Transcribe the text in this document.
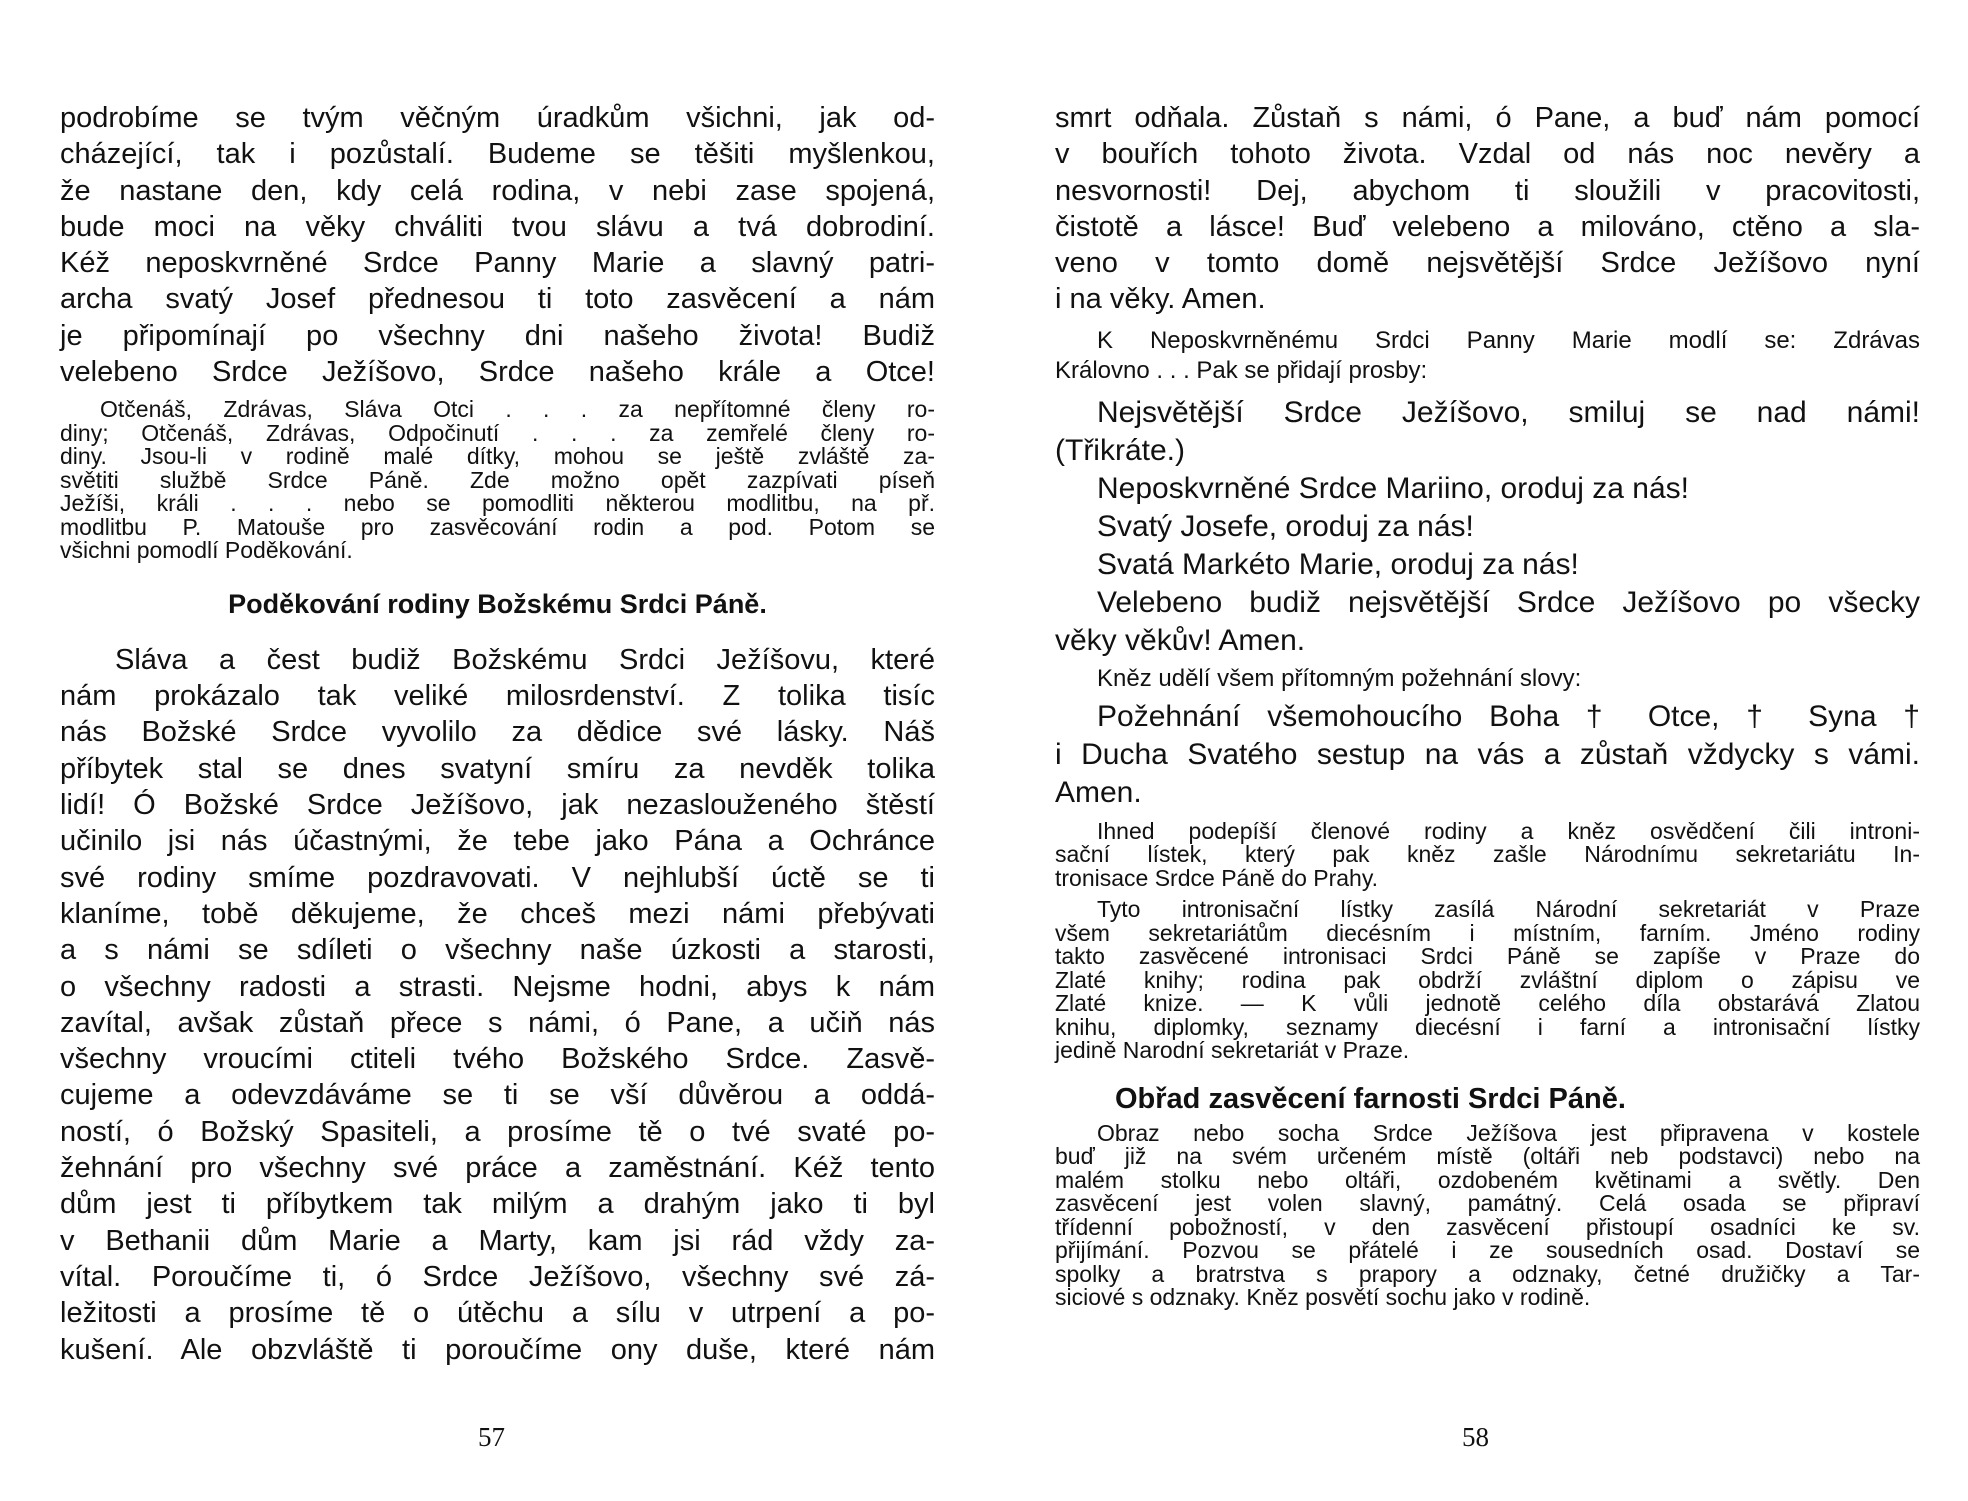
podrobíme se tvým věčným úradkům všichni, jak od-
cházející, tak i pozůstalí. Budeme se těšiti myšlenkou,
že nastane den, kdy celá rodina, v nebi zase spojená,
bude moci na věky chváliti tvou slávu a tvá dobrodiní.
Kéž neposkvrněné Srdce Panny Marie a slavný patri-
archa svatý Josef přednesou ti toto zasvěcení a nám
je připomínají po všechny dni našeho života! Budiž
velebeno Srdce Ježíšovo, Srdce našeho krále a Otce!
Otčenáš, Zdrávas, Sláva Otci . . . za nepřítomné členy ro-
diny; Otčenáš, Zdrávas, Odpočinutí . . . za zemřelé členy ro-
diny. Jsou-li v rodině malé dítky, mohou se ještě zvláště za-
světiti službě Srdce Páně. Zde možno opět zazpívati píseň
Ježíši, králi . . . nebo se pomodliti některou modlitbu, na př.
modlitbu P. Matouše pro zasvěcování rodin a pod. Potom se
všichni pomodlí Poděkování.
Poděkování rodiny Božskému Srdci Páně.
Sláva a čest budiž Božskému Srdci Ježíšovu, které
nám prokázalo tak veliké milosrdenství. Z tolika tisíc
nás Božské Srdce vyvolilo za dědice své lásky. Náš
příbytek stal se dnes svatyní smíru za nevděk tolika
lidí! Ó Božské Srdce Ježíšovo, jak nezaslouženého štěstí
učinilo jsi nás účastnými, že tebe jako Pána a Ochránce
své rodiny smíme pozdravovati. V nejhlubší úctě se ti
klaníme, tobě děkujeme, že chceš mezi námi přebývati
a s námi se sdíleti o všechny naše úzkosti a starosti,
o všechny radosti a strasti. Nejsme hodni, abys k nám
zavítal, avšak zůstaň přece s námi, ó Pane, a učiň nás
všechny vroucími ctiteli tvého Božského Srdce. Zasvě-
cujeme a odevzdáváme se ti se vší důvěrou a oddá-
ností, ó Božský Spasiteli, a prosíme tě o tvé svaté po-
žehnání pro všechny své práce a zaměstnání. Kéž tento
dům jest ti příbytkem tak milým a drahým jako ti byl
v Bethanii dům Marie a Marty, kam jsi rád vždy za-
vítal. Poroučíme ti, ó Srdce Ježíšovo, všechny své zá-
ležitosti a prosíme tě o útěchu a sílu v utrpení a po-
kušení. Ale obzvláště ti poroučíme ony duše, které nám
57
smrt odňala. Zůstaň s námi, ó Pane, a buď nám pomocí
v bouřích tohoto života. Vzdal od nás noc nevěry a
nesvornosti! Dej, abychom ti sloužili v pracovitosti,
čistotě a lásce! Buď velebeno a milováno, ctěno a sla-
veno v tomto domě nejsvětější Srdce Ježíšovo nyní
i na věky. Amen.
K Neposkvrněnému Srdci Panny Marie modlí se: Zdrávas
Královno . . . Pak se přidají prosby:
Nejsvětější Srdce Ježíšovo, smiluj se nad námi!
(Třikráte.)
Neposkvrněné Srdce Mariino, oroduj za nás!
Svatý Josefe, oroduj za nás!
Svatá Markéto Marie, oroduj za nás!
Velebeno budiž nejsvětější Srdce Ježíšovo po všecky
věky věkův! Amen.
Kněz udělí všem přítomným požehnání slovy:
Požehnání všemohoucího Boha † Otce, † Syna †
i Ducha Svatého sestup na vás a zůstaň vždycky s vámi.
Amen.
Ihned podepíší členové rodiny a kněz osvědčení čili introni-
sační lístek, který pak kněz zašle Národnímu sekretariátu In-
tronisace Srdce Páně do Prahy.
Tyto intronisační lístky zasílá Národní sekretariát v Praze
všem sekretariátům diecésním i místním, farním. Jméno rodiny
takto zasvěcené intronisaci Srdci Páně se zapíše v Praze do
Zlaté knihy; rodina pak obdrží zvláštní diplom o zápisu ve
Zlaté knize. — K vůli jednotě celého díla obstarává Zlatou
knihu, diplomky, seznamy diecésní i farní a intronisační lístky
jedině Narodní sekretariát v Praze.
Obřad zasvěcení farnosti Srdci Páně.
Obraz nebo socha Srdce Ježíšova jest připravena v kostele
buď již na svém určeném místě (oltáři neb podstavci) nebo na
malém stolku nebo oltáři, ozdobeném květinami a světly. Den
zasvěcení jest volen slavný, památný. Celá osada se připraví
třídenní pobožností, v den zasvěcení přistoupí osadníci ke sv.
přijímání. Pozvou se přátelé i ze sousedních osad. Dostaví se
spolky a bratrstva s prapory a odznaky, četné družičky a Tar-
siciové s odznaky. Kněz posvětí sochu jako v rodině.
58
